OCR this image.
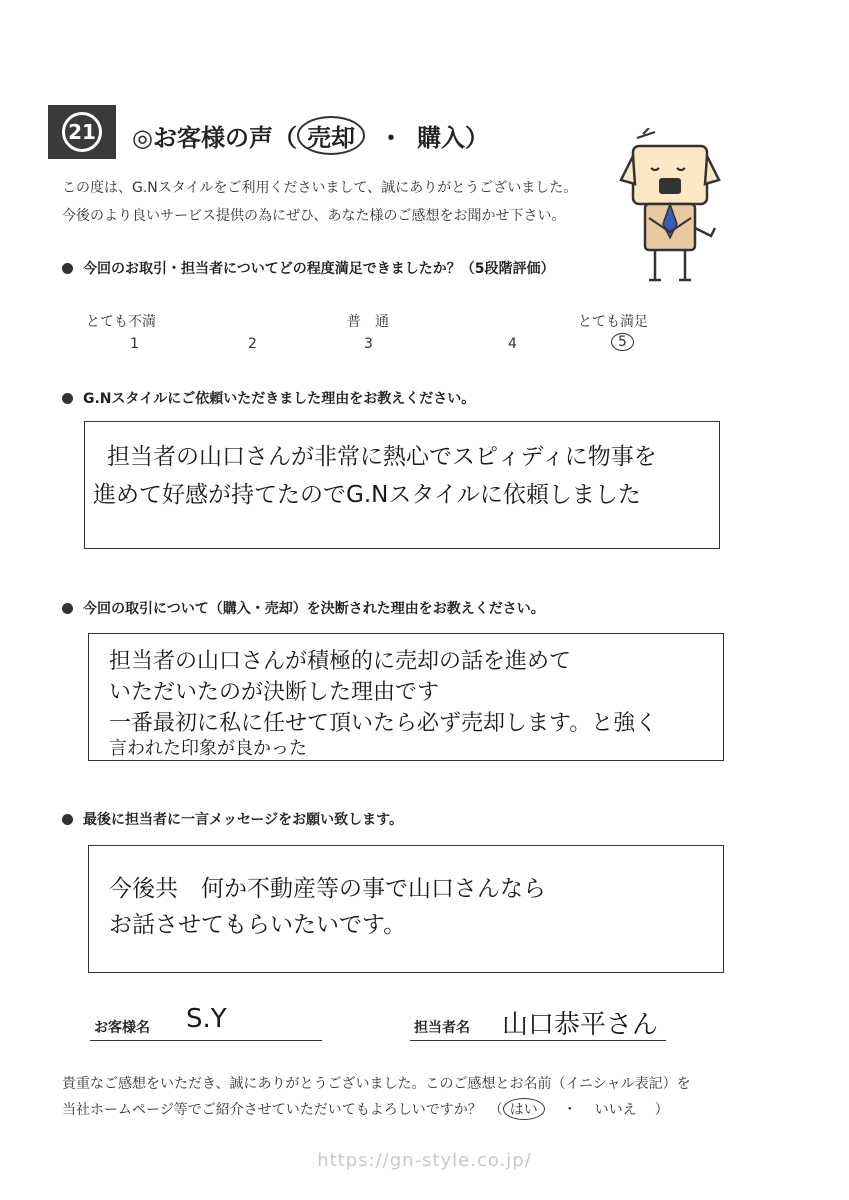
21	◎お客様の声（ 売却 ・ 購入）
この度は、G.Nスタイルをご利用くださいまして、誠にありがとうございました。
今後のより良いサービス提供の為にぜひ、あなた様のご感想をお聞かせ下さい。
今回のお取引・担当者についてどの程度満足できましたか？（5段階評価）
とても不満	普　通	とても満足
1	2	3	4	5
G.Nスタイルにご依頼いただきました理由をお教えください。
担当者の山口さんが非常に熱心でスピィディに物事を
進めて好感が持てたのでG.Nスタイルに依頼しました
今回の取引について（購入・売却）を決断された理由をお教えください。
担当者の山口さんが積極的に売却の話を進めて
いただいたのが決断した理由です
一番最初に私に任せて頂いたら必ず売却します。と強く
言われた印象が良かった
最後に担当者に一言メッセージをお願い致します。
今後共　何か不動産等の事で山口さんなら
お話させてもらいたいです。
お客様名 S.Y	担当者名 山口恭平さん
貴重なご感想をいただき、誠にありがとうございました。このご感想とお名前（イニシャル表記）を
当社ホームページ等でご紹介させていただいてもよろしいですか？　（ はい ・ いいえ ）
https://gn-style.co.jp/
